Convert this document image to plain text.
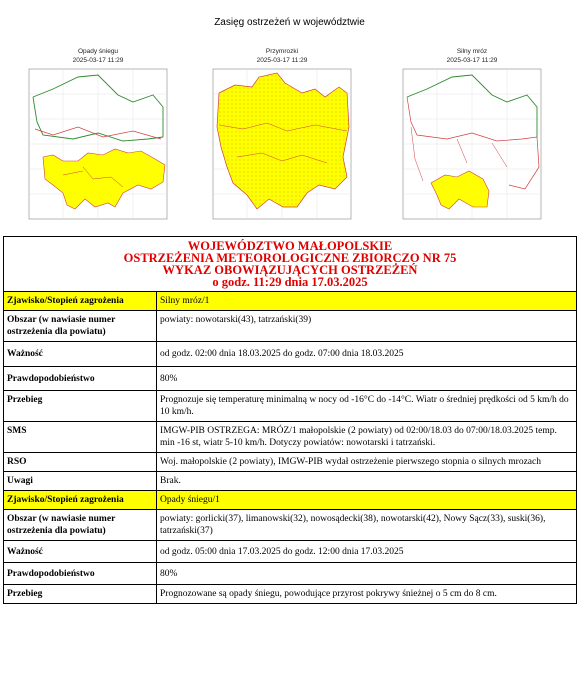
Zasięg ostrzeżeń w województwie
Opady śniegu
2025-03-17 11:29
Przymrozki
2025-03-17 11:29
Silny mróz
2025-03-17 11:29
WOJEWÓDZTWO MAŁOPOLSKIE
OSTRZEŻENIA METEOROLOGICZNE ZBIORCZO NR 75
WYKAZ OBOWIĄZUJĄCYCH OSTRZEŻEŃ
o godz. 11:29 dnia 17.03.2025	

Zjawisko/Stopień zagrożenia	Silny mróz/1
Obszar (w nawiasie numer ostrzeżenia dla powiatu)	powiaty: nowotarski(43), tatrzański(39)
Ważność	od godz. 02:00 dnia 18.03.2025 do godz. 07:00 dnia 18.03.2025
Prawdopodobieństwo	80%
Przebieg	Prognozuje się temperaturę minimalną w nocy od -16°C do -14°C. Wiatr o średniej prędkości od 5 km/h do 10 km/h.
SMS	IMGW-PIB OSTRZEGA: MRÓZ/1 małopolskie (2 powiaty) od 02:00/18.03 do 07:00/18.03.2025 temp. min -16 st, wiatr 5-10 km/h. Dotyczy powiatów: nowotarski i tatrzański.
RSO	Woj. małopolskie (2 powiaty), IMGW-PIB wydał ostrzeżenie pierwszego stopnia o silnych mrozach
Uwagi	Brak.
Zjawisko/Stopień zagrożenia	Opady śniegu/1
Obszar (w nawiasie numer ostrzeżenia dla powiatu)	powiaty: gorlicki(37), limanowski(32), nowosądecki(38), nowotarski(42), Nowy Sącz(33), suski(36), tatrzański(37)
Ważność	od godz. 05:00 dnia 17.03.2025 do godz. 12:00 dnia 17.03.2025
Prawdopodobieństwo	80%
Przebieg	Prognozowane są opady śniegu, powodujące przyrost pokrywy śnieżnej o 5 cm do 8 cm.
